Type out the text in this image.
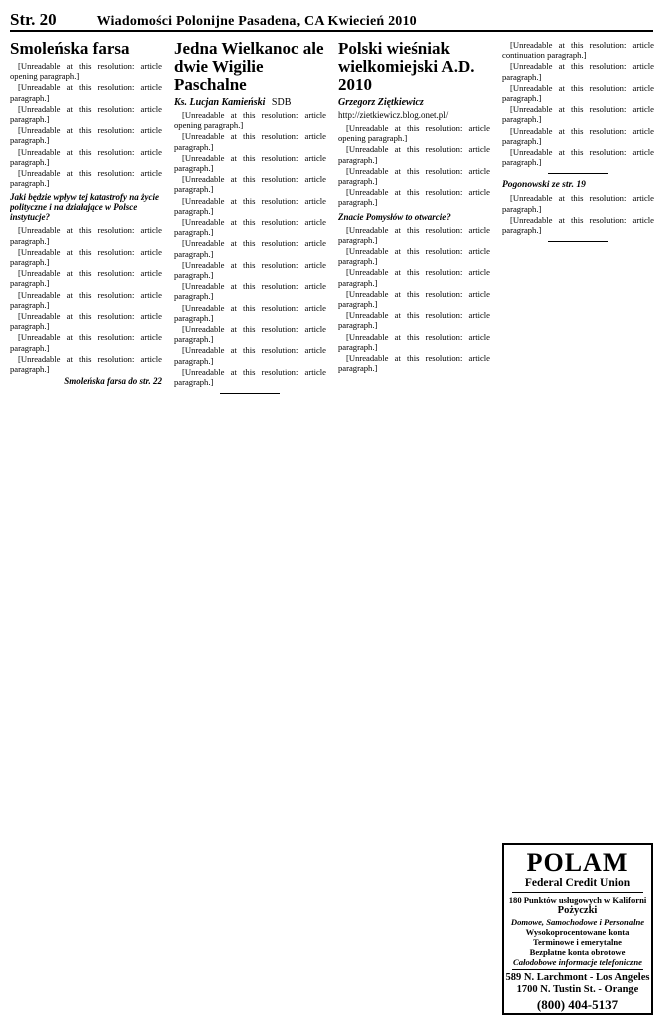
Str. 20	Wiadomości Polonijne Pasadena, CA Kwiecień 2010
Smoleńska farsa

[Unreadable at this resolution: article opening paragraph.]

[Unreadable at this resolution: article paragraph.]

[Unreadable at this resolution: article paragraph.]

[Unreadable at this resolution: article paragraph.]

[Unreadable at this resolution: article paragraph.]

[Unreadable at this resolution: article paragraph.]

Jaki będzie wpływ tej katastrofy na życie polityczne i na działające w Polsce instytucje?

[Unreadable at this resolution: article paragraph.]

[Unreadable at this resolution: article paragraph.]

[Unreadable at this resolution: article paragraph.]

[Unreadable at this resolution: article paragraph.]

[Unreadable at this resolution: article paragraph.]

[Unreadable at this resolution: article paragraph.]

[Unreadable at this resolution: article paragraph.]

Smoleńska farsa do str. 22
Jedna Wielkanoc ale dwie Wigilie Paschalne
Ks. Lucjan Kamieński SDB

[Unreadable at this resolution: article opening paragraph.]

[Unreadable at this resolution: article paragraph.]

[Unreadable at this resolution: article paragraph.]

[Unreadable at this resolution: article paragraph.]

[Unreadable at this resolution: article paragraph.]

[Unreadable at this resolution: article paragraph.]

[Unreadable at this resolution: article paragraph.]

[Unreadable at this resolution: article paragraph.]

[Unreadable at this resolution: article paragraph.]

[Unreadable at this resolution: article paragraph.]

[Unreadable at this resolution: article paragraph.]

[Unreadable at this resolution: article paragraph.]

[Unreadable at this resolution: article paragraph.]

Polski wieśniak wielkomiejski A.D. 2010
Grzegorz Ziętkiewicz
http://zietkiewicz.blog.onet.pl/

[Unreadable at this resolution: article opening paragraph.]

[Unreadable at this resolution: article paragraph.]

[Unreadable at this resolution: article paragraph.]

[Unreadable at this resolution: article paragraph.]

Znacie Pomysłów to otwarcie?

[Unreadable at this resolution: article paragraph.]

[Unreadable at this resolution: article paragraph.]

[Unreadable at this resolution: article paragraph.]

[Unreadable at this resolution: article paragraph.]

[Unreadable at this resolution: article paragraph.]

[Unreadable at this resolution: article paragraph.]

[Unreadable at this resolution: article paragraph.]

[Unreadable at this resolution: article continuation paragraph.]

[Unreadable at this resolution: article paragraph.]

[Unreadable at this resolution: article paragraph.]

[Unreadable at this resolution: article paragraph.]

[Unreadable at this resolution: article paragraph.]

[Unreadable at this resolution: article paragraph.]

Pogonowski ze str. 19

[Unreadable at this resolution: article paragraph.]

[Unreadable at this resolution: article paragraph.]

POLAM
Federal Credit Union
180 Punktów usługowych w Kaliforni
Pożyczki
Domowe, Samochodowe i Personalne
Wysokoprocentowane konta
Terminowe i emerytalne
Bezpłatne konta obrotowe
Całodobowe informacje telefoniczne
589 N. Larchmont - Los Angeles
1700 N. Tustin St. - Orange
(800) 404-5137
